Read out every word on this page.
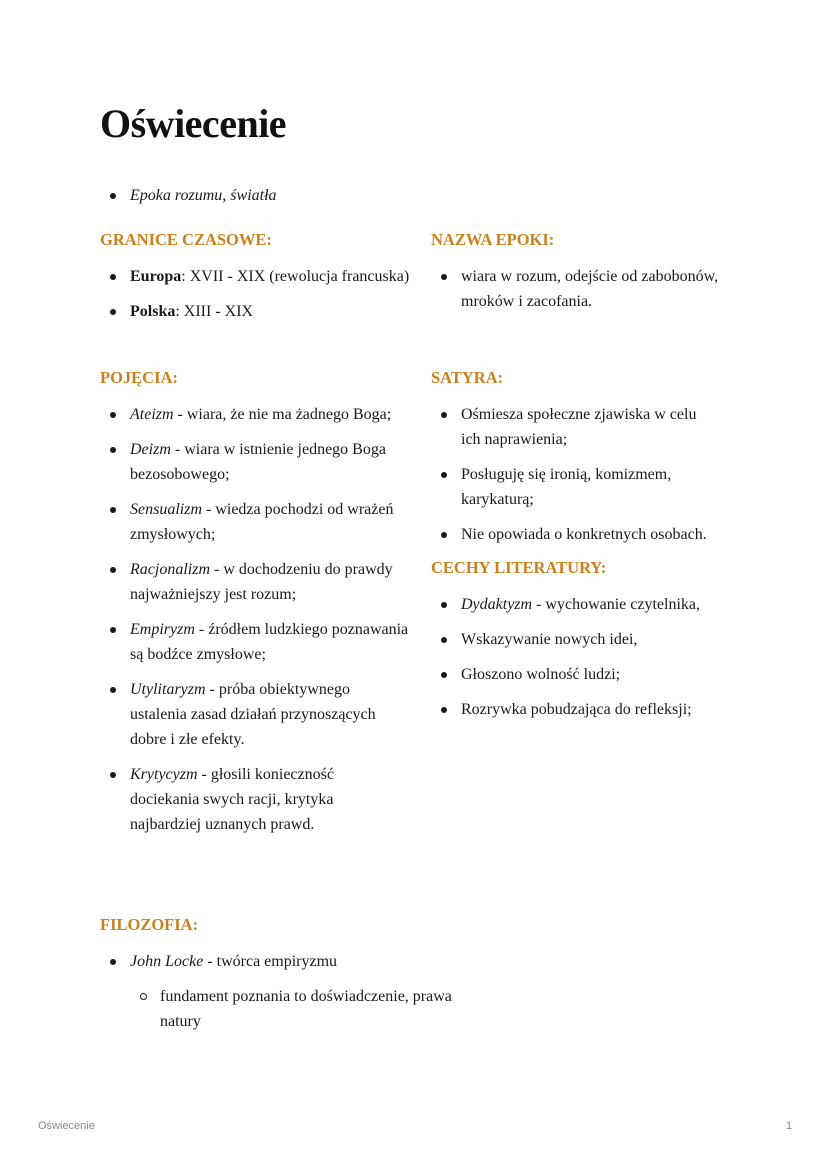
Oświecenie
Epoka rozumu, światła
GRANICE CZASOWE:
Europa: XVII - XIX (rewolucja francuska)
Polska: XIII - XIX
NAZWA EPOKI:
wiara w rozum, odejście od zabobonów, mroków i zacofania.
POJĘCIA:
Ateizm - wiara, że nie ma żadnego Boga;
Deizm - wiara w istnienie jednego Boga bezosobowego;
Sensualizm - wiedza pochodzi od wrażeń zmysłowych;
Racjonalizm - w dochodzeniu do prawdy najważniejszy jest rozum;
Empiryzm - źródłem ludzkiego poznawania są bodźce zmysłowe;
Utylitaryzm - próba obiektywnego ustalenia zasad działań przynoszących dobre i złe efekty.
Krytycyzm - głosili konieczność dociekania swych racji, krytyka najbardziej uznanych prawd.
SATYRA:
Ośmiesza społeczne zjawiska w celu ich naprawienia;
Posługuję się ironią, komizmem, karykaturą;
Nie opowiada o konkretnych osobach.
CECHY LITERATURY:
Dydaktyzm - wychowanie czytelnika,
Wskazywanie nowych idei,
Głoszono wolność ludzi;
Rozrywka pobudzająca do refleksji;
FILOZOFIA:
John Locke - twórca empiryzmu
fundament poznania to doświadczenie, prawa natury
Oświecenie	1
